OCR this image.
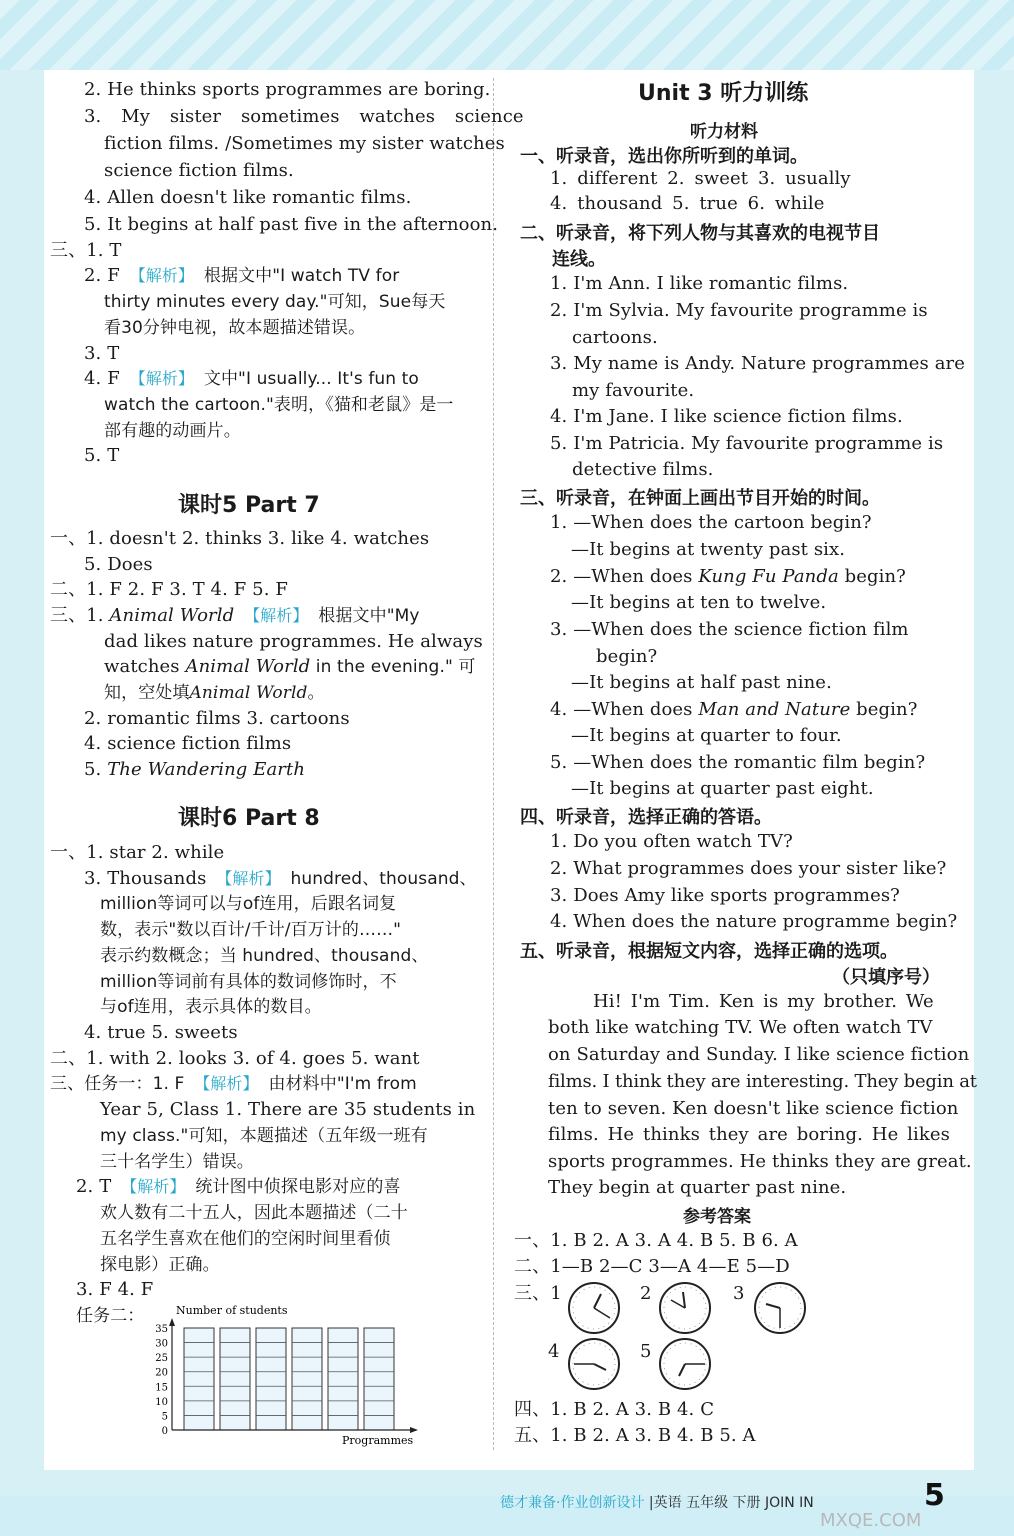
2. He thinks sports programmes are boring.
3. My sister sometimes watches science
fiction films. /Sometimes my sister watches
science fiction films.
4. Allen doesn't like romantic films.
5. It begins at half past five in the afternoon.
三、1. T
2. F 【解析】 根据文中"I watch TV for
thirty minutes every day."可知，Sue每天
看30分钟电视，故本题描述错误。
3. T
4. F 【解析】 文中"I usually... It's fun to
watch the cartoon."表明，《猫和老鼠》是一
部有趣的动画片。
5. T
课时5 Part 7
一、1. doesn't 2. thinks 3. like 4. watches
5. Does
二、1. F 2. F 3. T 4. F 5. F
三、1. Animal World 【解析】 根据文中"My
dad likes nature programmes. He always
watches Animal World in the evening." 可
知，空处填Animal World。
2. romantic films 3. cartoons
4. science fiction films
5. The Wandering Earth
课时6 Part 8
一、1. star 2. while
3. Thousands 【解析】 hundred、thousand、
million等词可以与of连用，后跟名词复
数，表示"数以百计/千计/百万计的……"
表示约数概念；当 hundred、thousand、
million等词前有具体的数词修饰时，不
与of连用，表示具体的数目。
4. true 5. sweets
二、1. with 2. looks 3. of 4. goes 5. want
三、任务一：1. F 【解析】 由材料中"I'm from
Year 5, Class 1. There are 35 students in
my class."可知，本题描述（五年级一班有
三十名学生）错误。
2. T 【解析】 统计图中侦探电影对应的喜
欢人数有二十五人，因此本题描述（二十
五名学生喜欢在他们的空闲时间里看侦
探电影）正确。
3. F 4. F
任务二：	Number of students
35
30
25
20
15
10
5
0
Programmes
Unit 3 听力训练
听力材料
一、听录音，选出你所听到的单词。
1. different 2. sweet 3. usually
4. thousand 5. true 6. while
二、听录音，将下列人物与其喜欢的电视节目
连线。
1. I'm Ann. I like romantic films.
2. I'm Sylvia. My favourite programme is
cartoons.
3. My name is Andy. Nature programmes are
my favourite.
4. I'm Jane. I like science fiction films.
5. I'm Patricia. My favourite programme is
detective films.
三、听录音，在钟面上画出节目开始的时间。
1. —When does the cartoon begin?
—It begins at twenty past six.
2. —When does Kung Fu Panda begin?
—It begins at ten to twelve.
3. —When does the science fiction film
begin?
—It begins at half past nine.
4. —When does Man and Nature begin?
—It begins at quarter to four.
5. —When does the romantic film begin?
—It begins at quarter past eight.
四、听录音，选择正确的答语。
1. Do you often watch TV?
2. What programmes does your sister like?
3. Does Amy like sports programmes?
4. When does the nature programme begin?
五、听录音，根据短文内容，选择正确的选项。
（只填序号）
Hi! I'm Tim. Ken is my brother. We
both like watching TV. We often watch TV
on Saturday and Sunday. I like science fiction
films. I think they are interesting. They begin at
ten to seven. Ken doesn't like science fiction
films. He thinks they are boring. He likes
sports programmes. He thinks they are great.
They begin at quarter past nine.
参考答案
一、1. B 2. A 3. A 4. B 5. B 6. A
二、1—B 2—C 3—A 4—E 5—D
三、1	2	3
4	5
四、1. B 2. A 3. B 4. C
五、1. B 2. A 3. B 4. B 5. A
德才兼备·作业创新设计 |英语 五年级 下册 JOIN IN	5
MXQE.COM
